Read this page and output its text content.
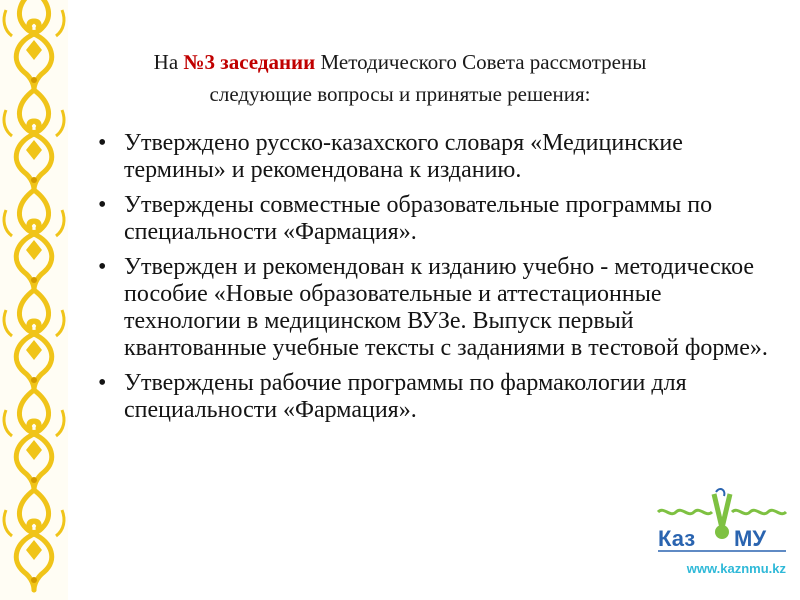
На №3 заседании Методического Совета рассмотрены
следующие вопросы и принятые решения:
• Утверждено русско-казахского словаря «Медицинские термины» и рекомендована к изданию.
• Утверждены совместные образовательные программы по специальности «Фармация».
• Утвержден и рекомендован к изданию учебно - методическое пособие «Новые образовательные и аттестационные технологии в медицинском ВУЗе. Выпуск первый квантованные учебные тексты с заданиями в тестовой форме».
• Утверждены рабочие программы по фармакологии для специальности «Фармация».
Каз МУ
www.kaznmu.kz
